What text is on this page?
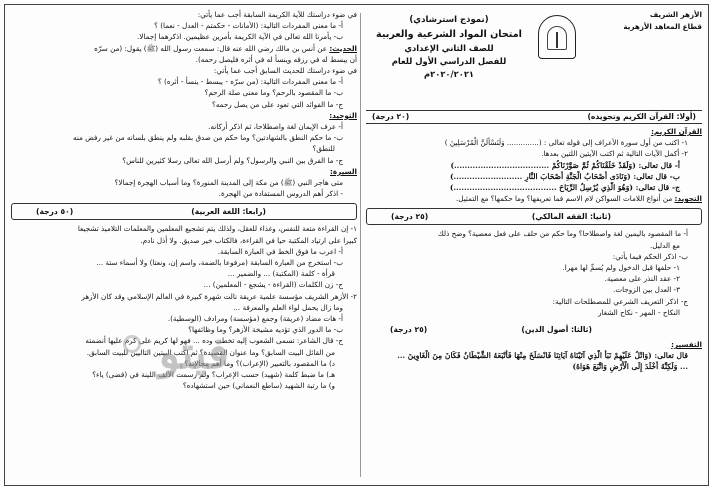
الأزهر الشريف
قطاع المعاهد الأزهرية
(نموذج استرشادي)
امتحان المواد الشرعية والعربية
للصف الثاني الإعدادي
للفصل الدراسي الأول للعام ٢٠٢٠/٢٠٢١م
(أولا: القرآن الكريم وتجويده)
(٢٠ درجة)
القرآن الكريم:
١- اكتب من أول سورة الأعراف إلى قوله تعالى : (.............. وَلَنَسْأَلَنَّ الْمُرْسَلِينَ )
٢- أكمل الآيات التالية ثم اكتب الآيتين اللتين بعدها.
أ- قال تعالى: (وَلَقَدْ خَلَقْنَاكُمْ ثُمَّ صَوَّرْنَاكُمْ ....................................)
ب- قال تعالى: (وَنَادَى أَصْحَابُ الْجَنَّةِ أَصْحَابَ النَّارِ ..........................)
ج- قال تعالى: (وَهُوَ الَّذِي يُرْسِلُ الرِّيَاحَ .......................................)
التجويد: من أنواع اللامات السواكن لام الاسم فما تعريفها؟ وما حكمها؟ مع التمثيل.
(ثانيا: الفقه المالكي)
(٢٥ درجة)
أ- ما المقصود باليمين لغة واصطلاحا؟ وما حكم من حلف على فعل معصية؟ وضح ذلك
مع الدليل.
ب- اذكر الحكم فيما يأتي:
١- حلفها قبل الدخول ولم يُسمِّ لها مهرا.
٢- عقد النذر على معصية.
٣- العدل بين الزوجات.
ج- اذكر التعريف الشرعي للمصطلحات التالية:
النكاح - المهر - نكاح الشغار
(ثالثا: أصول الدين)
(٢٥ درجة)
التفسير:
قال تعالى: (وَاتْلُ عَلَيْهِمْ نَبَأَ الَّذِي آتَيْنَاهُ آيَاتِنَا فَانْسَلَخَ مِنْهَا فَأَتْبَعَهُ الشَّيْطَانُ فَكَانَ مِنَ الْغَاوِينَ ...
... وَلَكِنَّهُ أَخْلَدَ إِلَى الْأَرْضِ وَاتَّبَعَ هَوَاهُ)
في ضوء دراستك للآية الكريمة السابقة أجب عما يأتي:
أ- ما معنى المفردات التالية: (الأمانات - حكمتم - العدل - نعما) ؟
ب- يأمرنا الله تعالى في الآية الكريمة بأمرين عظيمين. اذكرهما إجمالا.
الحديث: عن أنس بن مالك رضي الله عنه قال: سمعت رسول الله (ﷺ) يقول: (من سرّه
أن يبسط له في رزقه وينسأ له في أثره فليصل رحمه).
في ضوء دراستك للحديث السابق أجب عما يأتي:
أ- ما معنى المفردات التالية: (من سرّه - يبسط - ينسأ - أثره) ؟
ب- ما المقصود بالرحم؟ وما معنى صلة الرحم؟
ج- ما الفوائد التي تعود على من يصل رحمه؟
التوحيد:
أ- عرف الإيمان لغة واصطلاحا، ثم اذكر أركانه.
ب- ما حكم النطق بالشهادتين؟ وما حكم من صدق بقلبه ولم ينطق بلسانه من غير رفض منه
للنطق؟
ج- ما الفرق بين النبي والرسول؟ ولم أرسل الله تعالى رسلا كثيرين للناس؟
السيرة:
متى هاجر النبي (ﷺ) من مكة إلى المدينة المنورة؟ وما أسباب الهجرة إجمالا؟
- اذكر أهم الدروس المستفادة من الهجرة.
(رابعا: اللغة العربية)
(٥٠ درجة)
١- إن القراءة متعة للنفس، وغذاء للعقل، ولذلك يتم تشجيع المعلمين والمعلمات التلاميذ تشجيعا
كبيرا على ارتياد المكتبة حيا في القراءة، فالكتاب خير صديق. ولا أذل نادم.
أ- اعرب ما فوق الخط في العبارة السابقة.
ب- استخرج من العبارة السابقة (مرفوعا بالضمة، واسم إن، ونعتا) ولا أسماء ستة ...
قرأة - كلمة (المكتبة) ... والضمير ...
ج- زن الكلمات (القراءة - يشجع - المعلمين) ...
٢- الأزهر الشريف مؤسسة علمية عريقة نالت شهرة كبيرة في العالم الإسلامي وقد كان الأزهر
وما زال يحمل لواء العلم والمعرفة ...
أ- هات مضاد (عريقة) وجمع (مؤسسة) ومرادف (الوسطية).
ب- ما الدور الذي تؤديه مشيخة الأزهر؟ وما وظائفها؟
ج- قال الشاعر: تسمى الشعوب إليه تخطب وده ... فهو لها كريم على كرم عليها أنضمته
من القائل البيت السابق؟ وما عنوان القصيدة؟ ثم اكتب البيتين التاليين للبيت السابق.
د) ما المقصود بالتعبير (الإعراب)؟ وما أهم مجالاته؟
هـ) ما ضبط كلمة (شهيد) حسب الإعراب؟ ولم رسمت الألف اللينة في (قضى) ياء؟
و) ما رتبة الشهيد (ساطع النعماني) حين استشهاده؟
فيتو
